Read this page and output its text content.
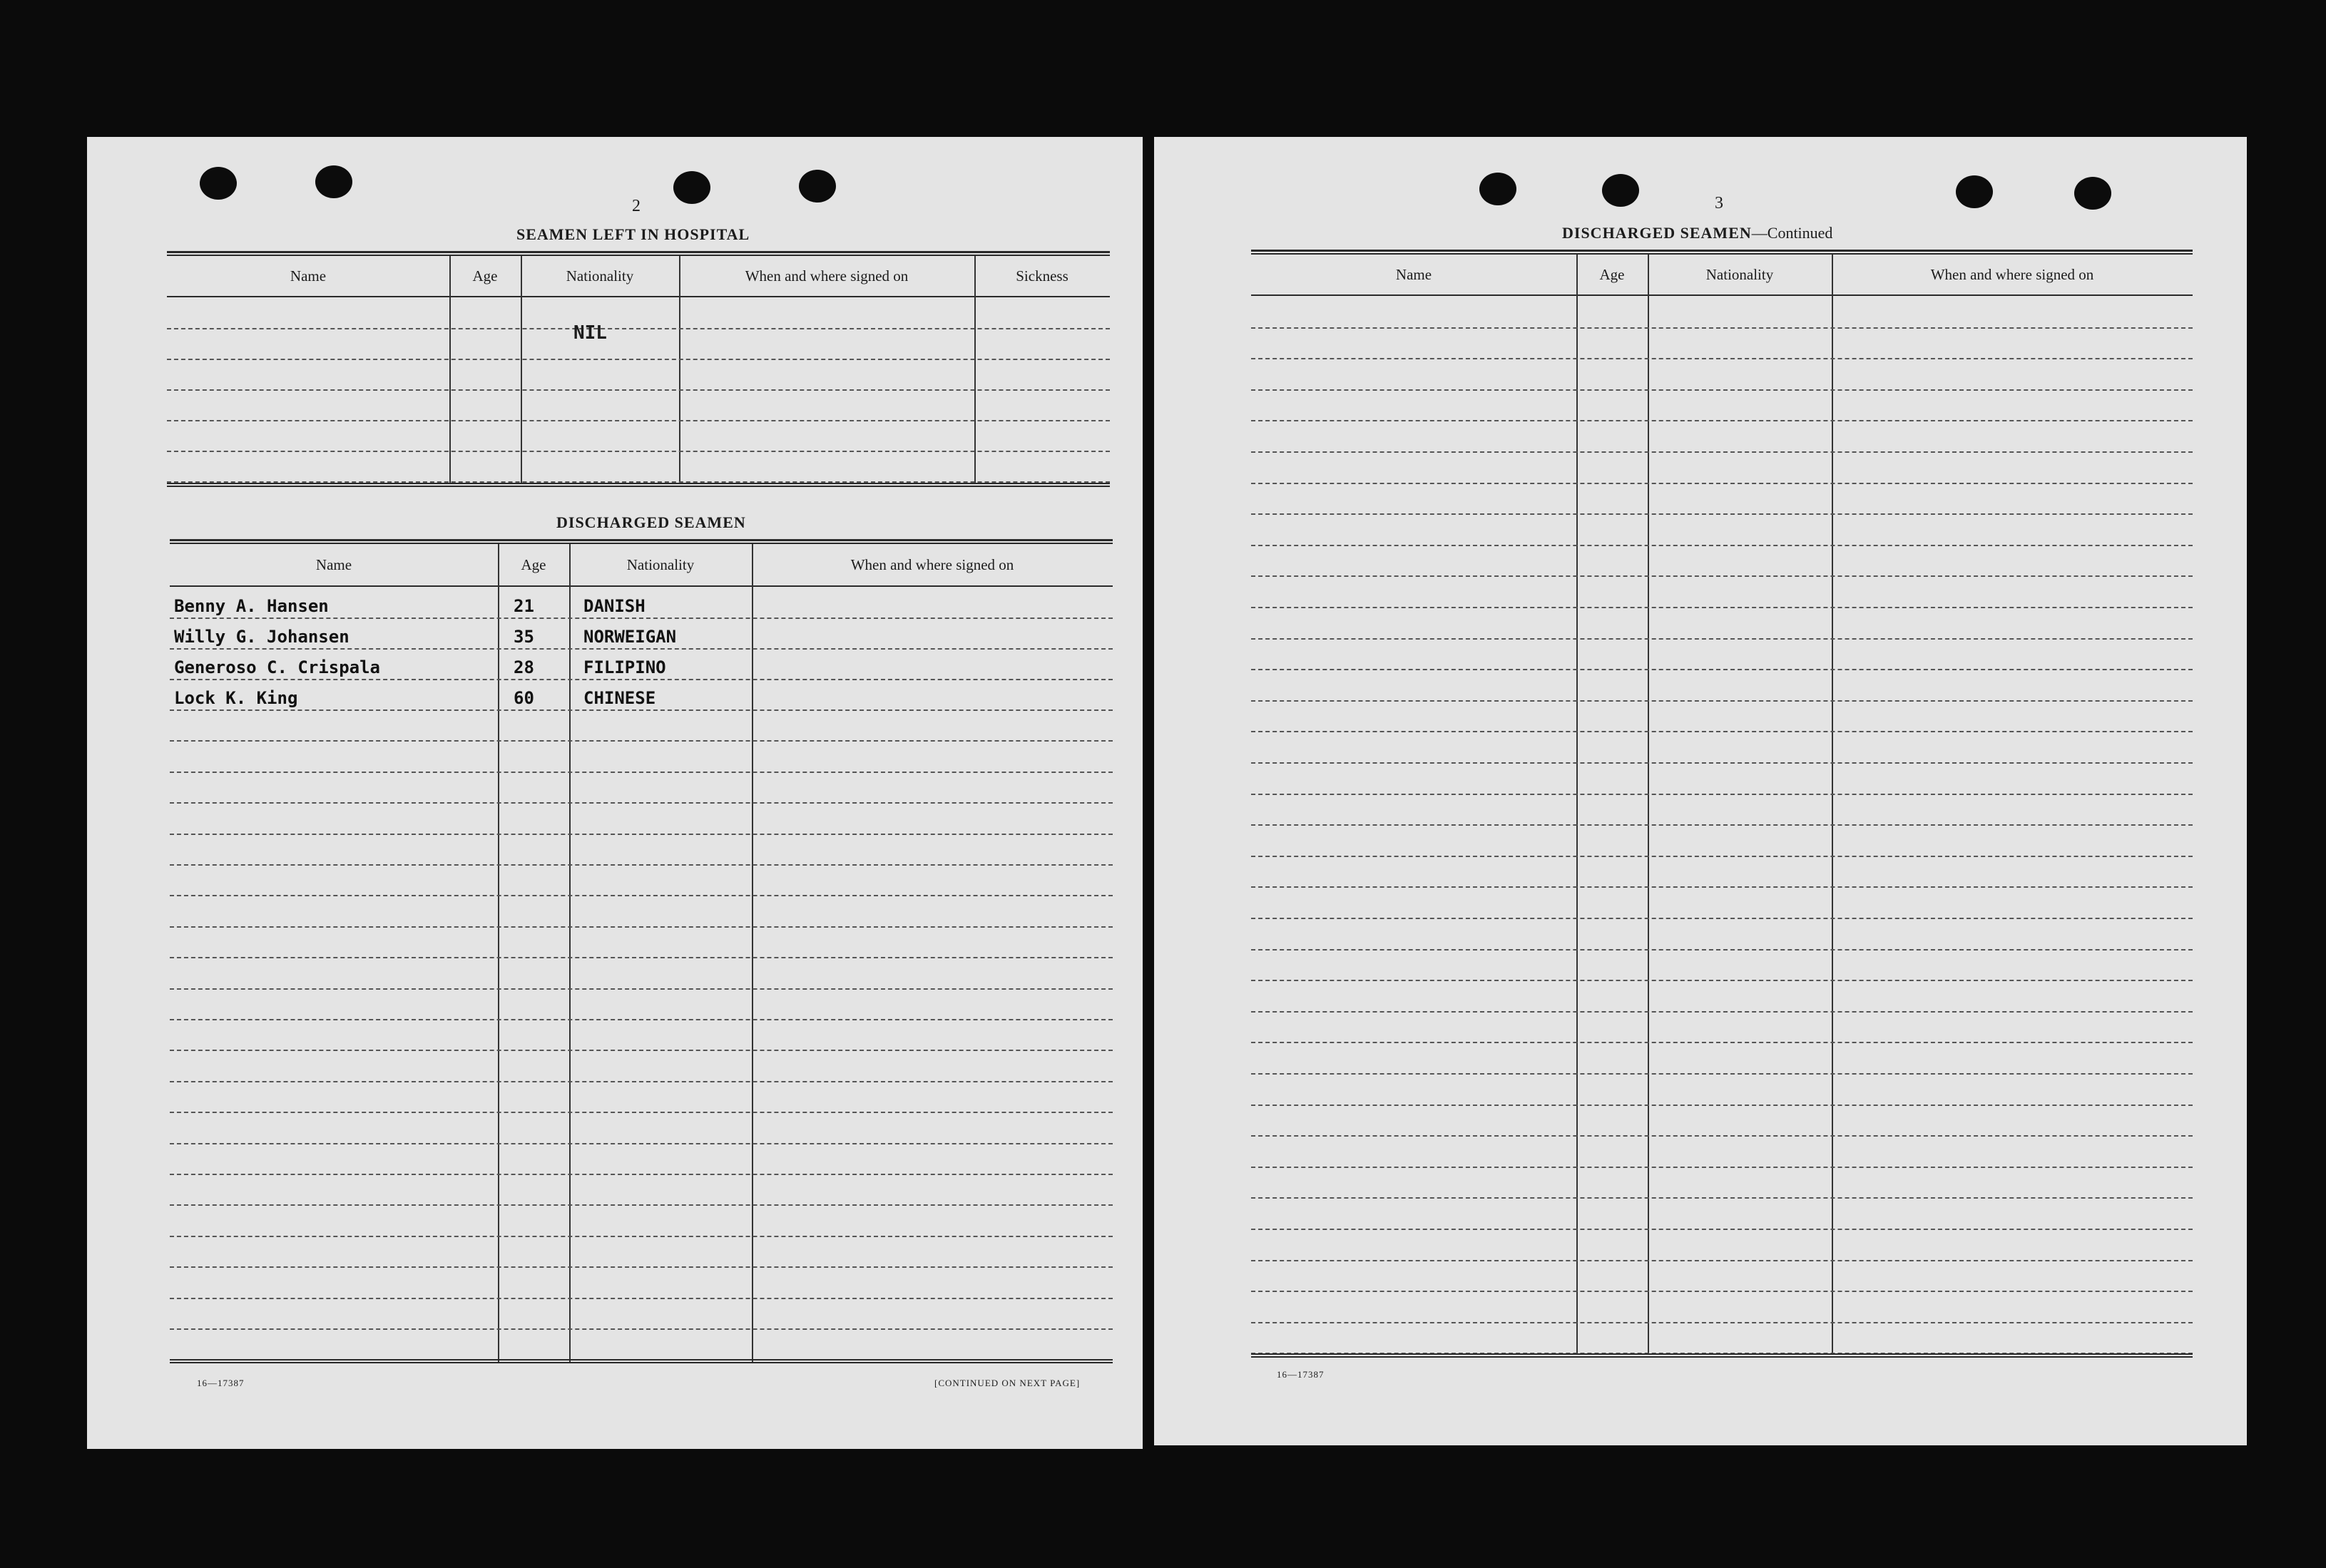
2
SEAMEN LEFT IN HOSPITAL
Name	Age	Nationality	When and where signed on	Sickness
NIL
DISCHARGED SEAMEN
Name	Age	Nationality	When and where signed on
Benny A. Hansen	21	DANISH
Willy G. Johansen	35	NORWEIGAN
Generoso C. Crispala	28	FILIPINO
Lock K. King	60	CHINESE
16—17387	[CONTINUED ON NEXT PAGE]
3
DISCHARGED SEAMEN—Continued
Name	Age	Nationality	When and where signed on
16—17387
